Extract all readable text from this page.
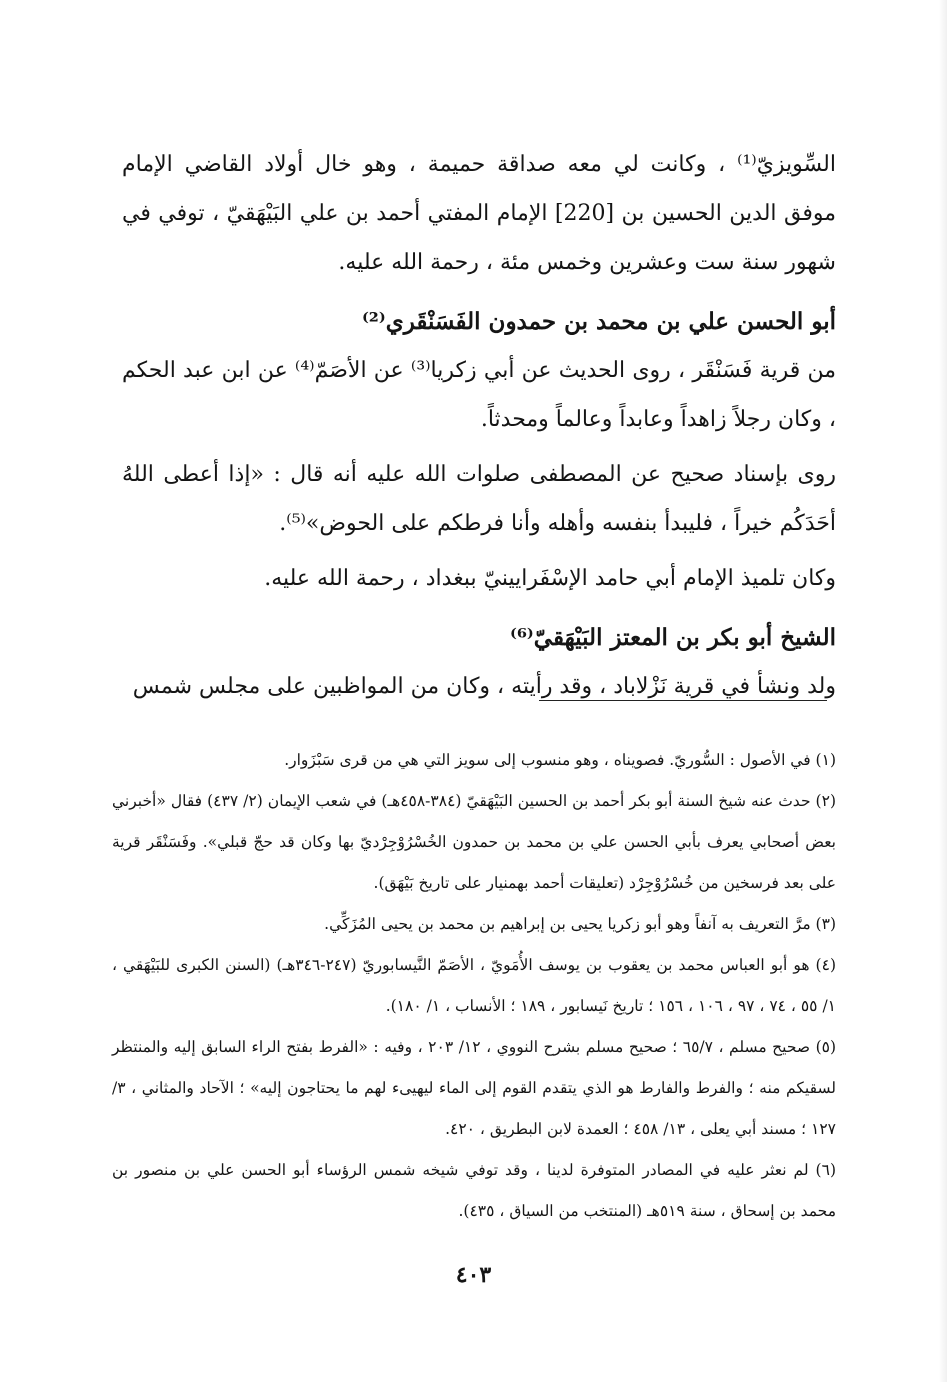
السِّويزيّ⁽¹⁾ ، وكانت لي معه صداقة حميمة ، وهو خال أولاد القاضي الإمام موفق الدين الحسين بن [220] الإمام المفتي أحمد بن علي البَيْهَقيّ ، توفي في شهور سنة ست وعشرين وخمس مئة ، رحمة الله عليه.

أبو الحسن علي بن محمد بن حمدون الفَسَنْقَري⁽²⁾

من قرية فَسَنْقَر ، روى الحديث عن أبي زكريا⁽³⁾ عن الأصَمّ⁽⁴⁾ عن ابن عبد الحكم ، وكان رجلاً زاهداً وعابداً وعالماً ومحدثاً.

روى بإسناد صحيح عن المصطفى صلوات الله عليه أنه قال : «إذا أعطى اللهُ أحَدَكُم خيراً ، فليبدأ بنفسه وأهله وأنا فرطكم على الحوض»⁽⁵⁾.

وكان تلميذ الإمام أبي حامد الإسْفَرايينيّ ببغداد ، رحمة الله عليه.

الشيخ أبو بكر بن المعتز البَيْهَقيّ⁽⁶⁾

ولد ونشأ في قرية نَزْلاباد ، وقد رأيته ، وكان من المواظبين على مجلس شمس

(١) في الأصول : السُّوريّ. فصويناه ، وهو منسوب إلى سويز التي هي من قرى سَبْزَوار.

(٢) حدث عنه شيخ السنة أبو بكر أحمد بن الحسين البَيْهَقيّ (٣٨٤-٤٥٨هـ) في شعب الإيمان (٢/ ٤٣٧) فقال «أخبرني بعض أصحابي يعرف بأبي الحسن علي بن محمد بن حمدون الخُسْرُوْجِرْديّ بها وكان قد حجّ قبلي». وفَسَنْقَر قرية على بعد فرسخين من خُسْرُوْجِرْد (تعليقات أحمد بهمنيار على تاريخ بَيْهَق).

(٣) مرَّ التعريف به آنفاً وهو أبو زكريا يحيى بن إبراهيم بن محمد بن يحيى المُزَكِّي.

(٤) هو أبو العباس محمد بن يعقوب بن يوسف الأُمَويّ ، الأصَمّ النَّيسابوريّ (٢٤٧-٣٤٦هـ) (السنن الكبرى للبَيْهَقي ، ١/ ٥٥ ، ٧٤ ، ٩٧ ، ١٠٦ ، ١٥٦ ؛ تاريخ نَيسابور ، ١٨٩ ؛ الأنساب ، ١/ ١٨٠).

(٥) صحيح مسلم ، ٦٥/٧ ؛ صحيح مسلم بشرح النووي ، ١٢/ ٢٠٣ ، وفيه : «الفرط بفتح الراء السابق إليه والمنتظر لسقيكم منه ؛ والفرط والفارط هو الذي يتقدم القوم إلى الماء ليهيىء لهم ما يحتاجون إليه» ؛ الآحاد والمثاني ، ٣/ ١٢٧ ؛ مسند أبي يعلى ، ١٣/ ٤٥٨ ؛ العمدة لابن البطريق ، ٤٢٠.

(٦) لم نعثر عليه في المصادر المتوفرة لدينا ، وقد توفي شيخه شمس الرؤساء أبو الحسن علي بن منصور بن محمد بن إسحاق ، سنة ٥١٩هـ (المنتخب من السياق ، ٤٣٥).

٤٠٣
